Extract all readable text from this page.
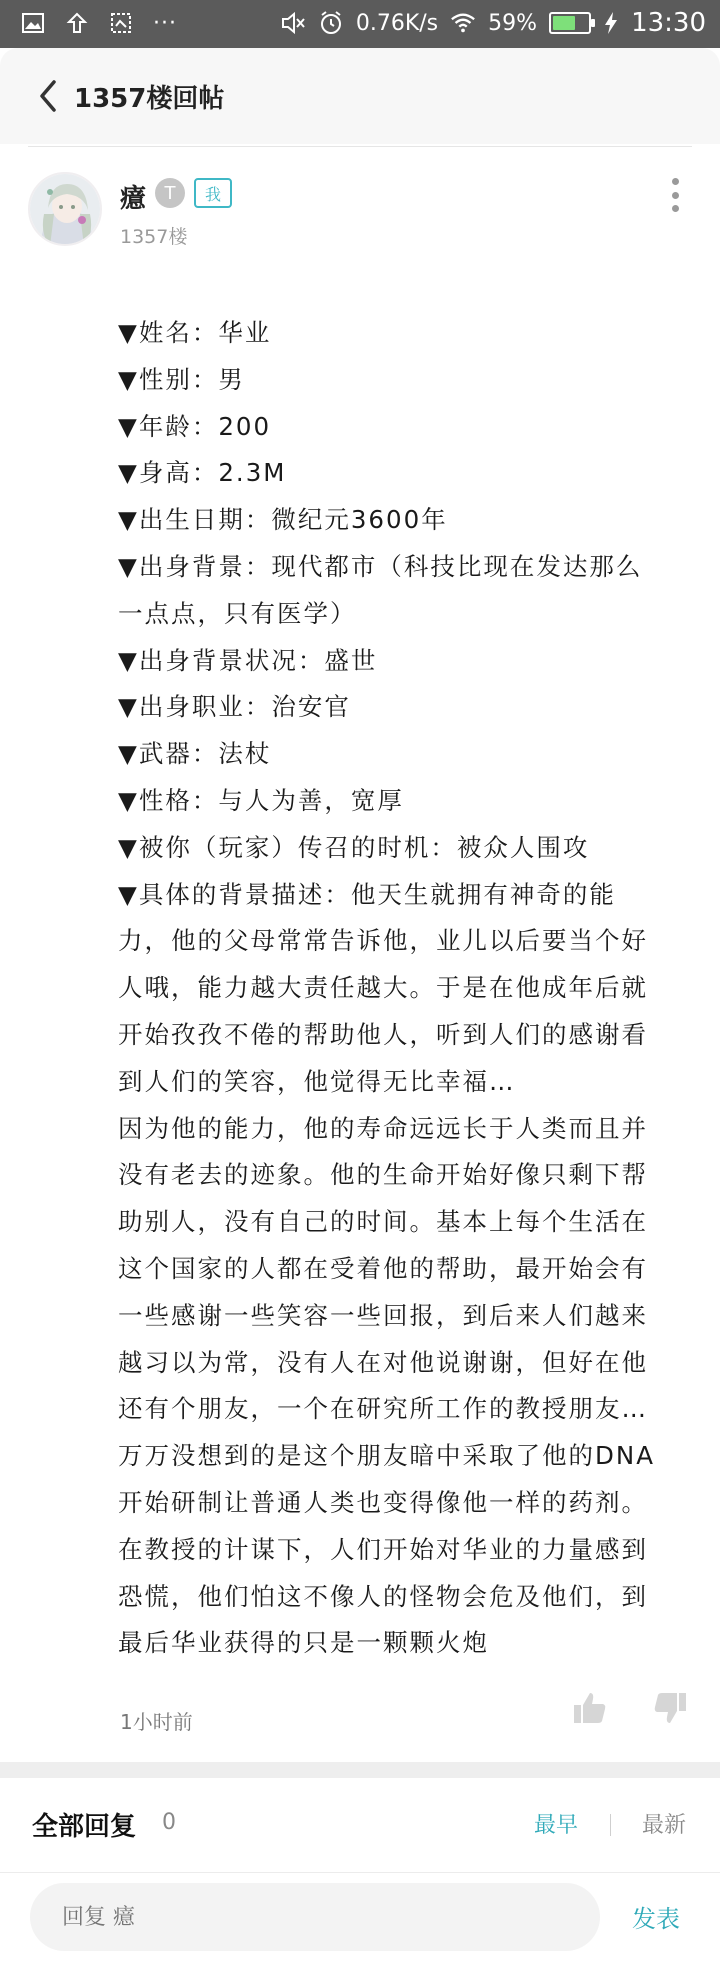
···	0.76K/s 59%	13:30
1357楼回帖
癔	T	我
1357楼

▼姓名：华业

▼性别：男

▼年龄：200

▼身高：2.3M

▼出生日期：微纪元3600年

▼出身背景：现代都市（科技比现在发达那么

一点点，只有医学）

▼出身背景状况：盛世

▼出身职业：治安官

▼武器：法杖

▼性格：与人为善，宽厚

▼被你（玩家）传召的时机：被众人围攻

▼具体的背景描述：他天生就拥有神奇的能

力，他的父母常常告诉他，业儿以后要当个好

人哦，能力越大责任越大。于是在他成年后就

开始孜孜不倦的帮助他人，听到人们的感谢看

到人们的笑容，他觉得无比幸福…

因为他的能力，他的寿命远远长于人类而且并

没有老去的迹象。他的生命开始好像只剩下帮

助别人，没有自己的时间。基本上每个生活在

这个国家的人都在受着他的帮助，最开始会有

一些感谢一些笑容一些回报，到后来人们越来

越习以为常，没有人在对他说谢谢，但好在他

还有个朋友，一个在研究所工作的教授朋友…

万万没想到的是这个朋友暗中采取了他的DNA

开始研制让普通人类也变得像他一样的药剂。

在教授的计谋下，人们开始对华业的力量感到

恐慌，他们怕这不像人的怪物会危及他们，到

最后华业获得的只是一颗颗火炮

1小时前
全部回复 0	最早	最新
回复 癔
发表
